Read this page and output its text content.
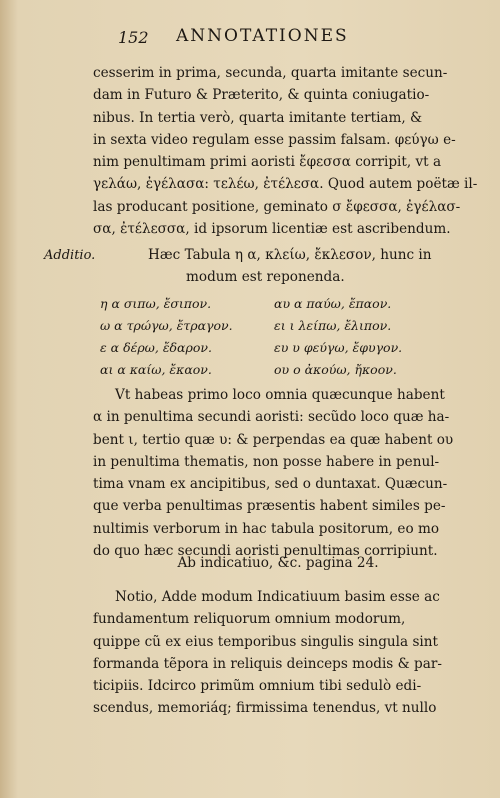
152 ANNOTATIONES
cesserim in prima, secunda, quarta imitante secun-
dam in Futuro & Præterito, & quinta coniugatio-
nibus. In tertia verò, quarta imitante tertiam, &
in sexta video regulam esse passim falsam. φεύγω e-
nim penultimam primi aoristi ἔφεσσα corripit, vt a
γελάω, ἐγέλασα: τελέω, ἐτέλεσα. Quod autem poëtæ il-
las producant positione, geminato σ ἔφεσσα, ἐγέλασ-
σα, ἐτέλεσσα, id ipsorum licentiæ est ascribendum.
Additio.	Hæc Tabula η α, κλείω, ἔκλεσον, hunc in
modum est reponenda.
η α σιπω, ἔσιπον.	αυ α παύω, ἔπαον.
ω α τρώγω, ἔτραγον.	ει ι λείπω, ἔλιπον.
ε α δέρω, ἔδαρον.	ευ υ φεύγω, ἔφυγον.
αι α καίω, ἔκαον.	ου ο ἀκούω, ἤκοον.
Vt habeas primo loco omnia quæcunque habent
α in penultima secundi aoristi: secũdo loco quæ ha-
bent ι, tertio quæ υ: & perpendas ea quæ habent ου
in penultima thematis, non posse habere in penul-
tima vnam ex ancipitibus, sed ο duntaxat. Quæcun-
que verba penultimas præsentis habent similes pe-
nultimis verborum in hac tabula positorum, eo mo
do quo hæc secundi aoristi penultimas corripiunt.
Ab indicatiuo, &c. pagina 24.
Notio, Adde modum Indicatiuum basim esse ac
fundamentum reliquorum omnium modorum,
quippe cũ ex eius temporibus singulis singula sint
formanda tẽpora in reliquis deinceps modis & par-
ticipiis. Idcirco primũm omnium tibi sedulò edi-
scendus, memoriáq; firmissima tenendus, vt nullo
